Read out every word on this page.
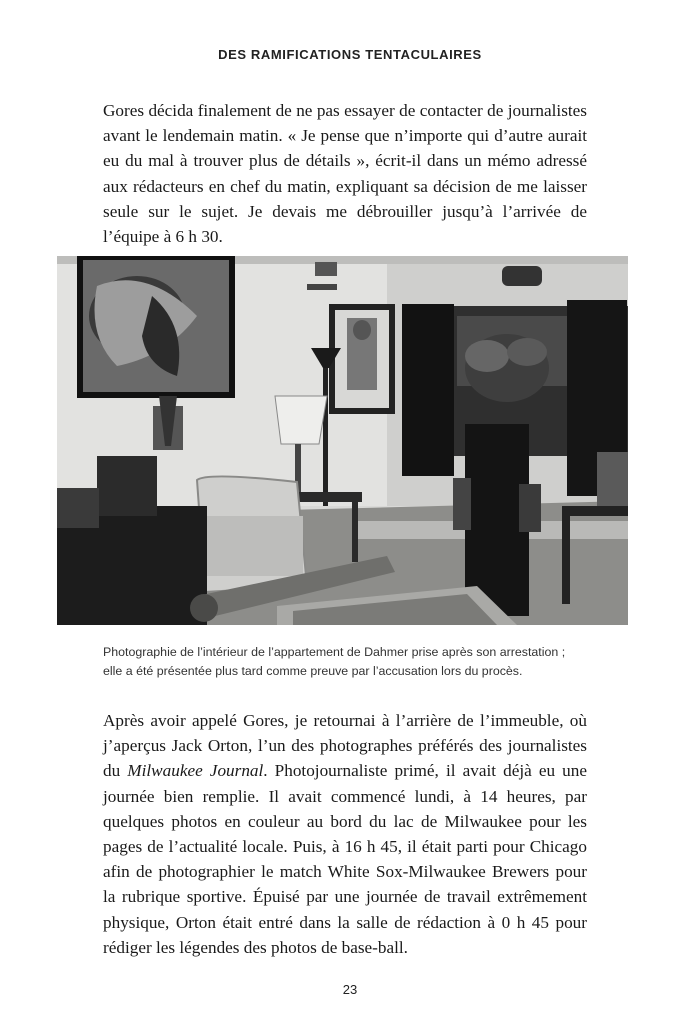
DES RAMIFICATIONS TENTACULAIRES

Gores décida finalement de ne pas essayer de contacter de journalistes avant le lendemain matin. « Je pense que n’importe qui d’autre aurait eu du mal à trouver plus de détails », écrit-il dans un mémo adressé aux rédacteurs en chef du matin, expliquant sa décision de me laisser seule sur le sujet. Je devais me débrouiller jusqu’à l’arrivée de l’équipe à 6 h 30.

Photographie de l’intérieur de l’appartement de Dahmer prise après son arrestation ;
elle a été présentée plus tard comme preuve par l’accusation lors du procès.

Après avoir appelé Gores, je retournai à l’arrière de l’immeuble, où j’aperçus Jack Orton, l’un des photographes préférés des journalistes du Milwaukee Journal. Photojournaliste primé, il avait déjà eu une journée bien remplie. Il avait commencé lundi, à 14 heures, par quelques photos en couleur au bord du lac de Milwaukee pour les pages de l’actualité locale. Puis, à 16 h 45, il était parti pour Chicago afin de photographier le match White Sox-Milwaukee Brewers pour la rubrique sportive. Épuisé par une journée de travail extrêmement physique, Orton était entré dans la salle de rédaction à 0 h 45 pour rédiger les légendes des photos de base-ball.

23
